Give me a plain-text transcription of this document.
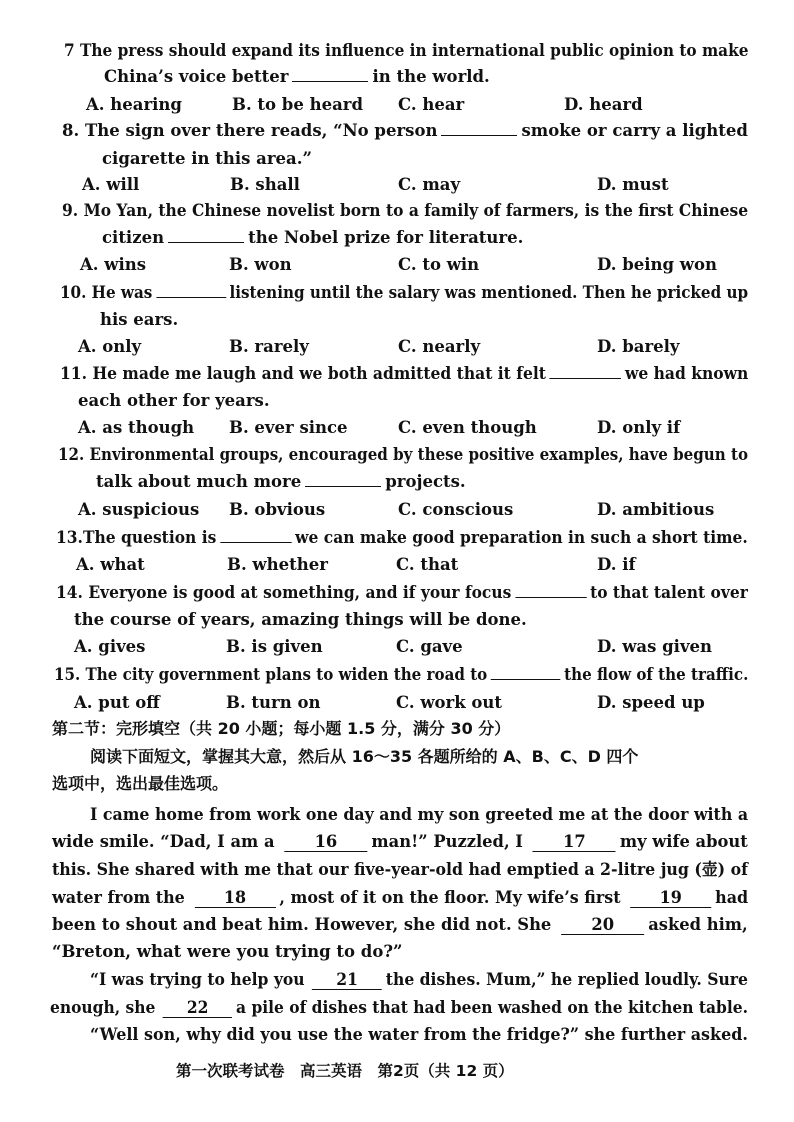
7 The press should expand its influence in international public opinion to make
China’s voice better	in the world.
A. hearing	B. to be heard C. hear	D. heard
8. The sign over there reads, “No person	smoke or carry a lighted
cigarette in this area.”
A. will	B. shall	C. may	D. must
9. Mo Yan, the Chinese novelist born to a family of farmers, is the first Chinese
citizen	the Nobel prize for literature.
A. wins	B. won	C. to win	D. being won
10. He was	listening until the salary was mentioned. Then he pricked up
his ears.
A. only	B. rarely	C. nearly	D. barely
11. He made me laugh and we both admitted that it felt	we had known
each other for years.
A. as though B. ever since	C. even though	D. only if
12. Environmental groups, encouraged by these positive examples, have begun to
talk about much more	projects.
A. suspicious B. obvious	C. conscious	D. ambitious
13.The question is	we can make good preparation in such a short time.
A. what	B. whether	C. that	D. if
14. Everyone is good at something, and if your focus	to that talent over
the course of years, amazing things will be done.
A. gives	B. is given	C. gave	D. was given
15. The city government plans to widen the road to	the flow of the traffic.
A. put off	B. turn on	C. work out	D. speed up
第二节：完形填空（共 20 小题；每小题 1.5 分，满分 30 分）
阅读下面短文，掌握其大意，然后从 16～35 各题所给的 A、B、C、D 四个
选项中，选出最佳选项。
I came home from work one day and my son greeted me at the door with a
wide smile. “Dad, I am a 16 man!” Puzzled, I 17 my wife about
this. She shared with me that our five-year-old had emptied a 2-litre jug (壶) of
water from the 18 , most of it on the floor. My wife’s first 19 had
been to shout and beat him. However, she did not. She 20 asked him,
“Breton, what were you trying to do?”
“I was trying to help you 21 the dishes. Mum,” he replied loudly. Sure
enough, she 22 a pile of dishes that had been washed on the kitchen table.
“Well son, why did you use the water from the fridge?” she further asked.
第一次联考试卷　高三英语　第2页（共 12 页）
